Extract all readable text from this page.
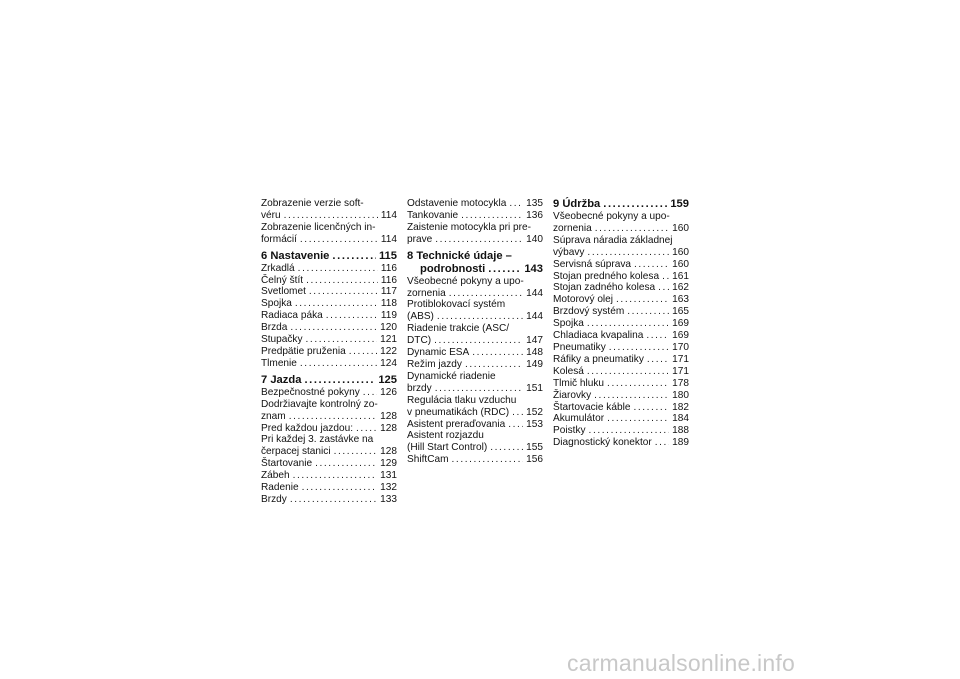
Zobrazenie verzie soft-
véru .....	114
Zobrazenie licenčných in-
formácií .....	114
6 Nastavenie .....	115
Zrkadlá .....	116
Čelný štít .....	116
Svetlomet .....	117
Spojka .....	118
Radiaca páka .....	119
Brzda .....	120
Stupačky .....	121
Predpätie pruženia .....	122
Tlmenie .....	124
7 Jazda .....	125
Bezpečnostné pokyny ..... 126
Dodržiavajte kontrolný zo-
znam .....	128
Pred každou jazdou: .....	128
Pri každej 3. zastávke na
čerpacej stanici .....	128
Štartovanie .....	129
Zábeh .....	131
Radenie .....	132
Brzdy .....	133
Odstavenie motocykla ..... 135
Tankovanie .....	136
Zaistenie motocykla pri pre-
prave .....	140
8 Technické údaje –
podrobnosti .....	143
Všeobecné pokyny a upo-
zornenia .....	144
Protiblokovací systém
(ABS) .....	144
Riadenie trakcie (ASC/
DTC) .....	147
Dynamic ESA .....	148
Režim jazdy .....	149
Dynamické riadenie
brzdy .....	151
Regulácia tlaku vzduchu
v pneumatikách (RDC) ..... 152
Asistent preraďovania ..... 153
Asistent rozjazdu
(Hill Start Control) .....	155
ShiftCam .....	156
9 Údržba .....	159
Všeobecné pokyny a upo-
zornenia .....	160
Súprava náradia základnej
výbavy .....	160
Servisná súprava .....	160
Stojan predného kolesa ..... 161
Stojan zadného kolesa ..... 162
Motorový olej .....	163
Brzdový systém .....	165
Spojka .....	169
Chladiaca kvapalina .....	169
Pneumatiky .....	170
Ráfiky a pneumatiky .....	171
Kolesá .....	171
Tlmič hluku .....	178
Žiarovky .....	180
Štartovacie káble .....	182
Akumulátor .....	184
Poistky .....	188
Diagnostický konektor ..... 189
carmanualsonline.info
